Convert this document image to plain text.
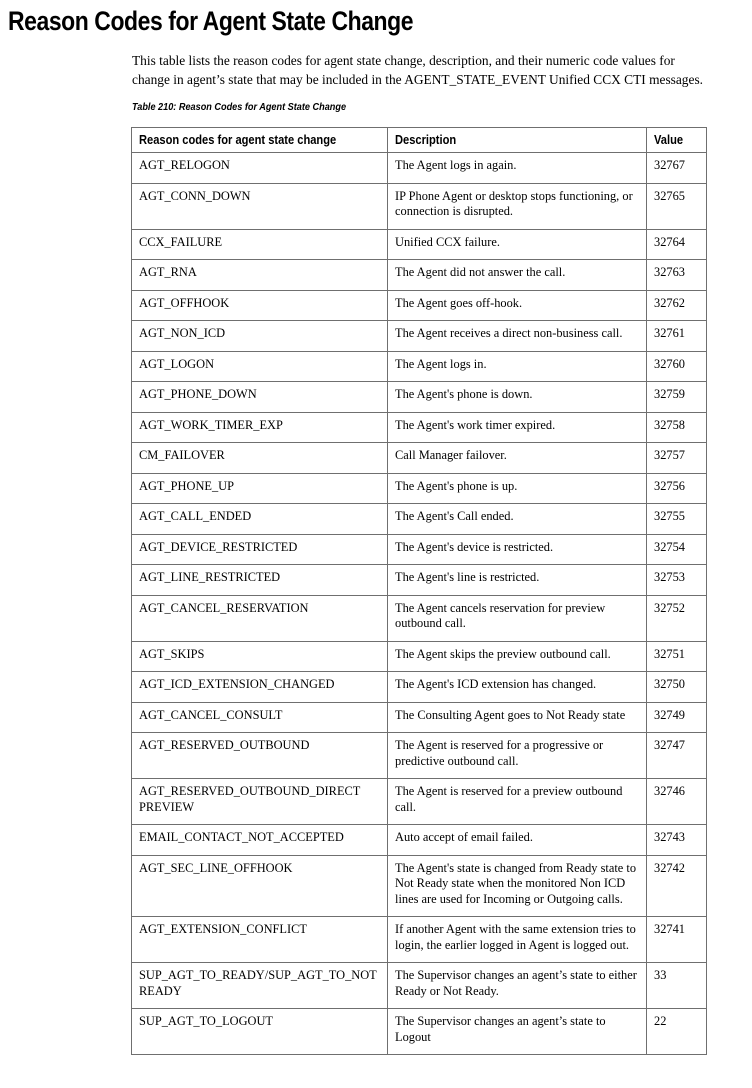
Reason Codes for Agent State Change

This table lists the reason codes for agent state change, description, and their numeric code values for change in agent’s state that may be included in the AGENT_STATE_EVENT Unified CCX CTI messages.

Table 210: Reason Codes for Agent State Change
Reason codes for agent state change	Description	Value
AGT_RELOGON	The Agent logs in again.	32767
AGT_CONN_DOWN	IP Phone Agent or desktop stops functioning, or connection is disrupted.	32765
CCX_FAILURE	Unified CCX failure.	32764
AGT_RNA	The Agent did not answer the call.	32763
AGT_OFFHOOK	The Agent goes off-hook.	32762
AGT_NON_ICD	The Agent receives a direct non-business call.	32761
AGT_LOGON	The Agent logs in.	32760
AGT_PHONE_DOWN	The Agent's phone is down.	32759
AGT_WORK_TIMER_EXP	The Agent's work timer expired.	32758
CM_FAILOVER	Call Manager failover.	32757
AGT_PHONE_UP	The Agent's phone is up.	32756
AGT_CALL_ENDED	The Agent's Call ended.	32755
AGT_DEVICE_RESTRICTED	The Agent's device is restricted.	32754
AGT_LINE_RESTRICTED	The Agent's line is restricted.	32753
AGT_CANCEL_RESERVATION	The Agent cancels reservation for preview outbound call.	32752
AGT_SKIPS	The Agent skips the preview outbound call.	32751
AGT_ICD_EXTENSION_CHANGED	The Agent's ICD extension has changed.	32750
AGT_CANCEL_CONSULT	The Consulting Agent goes to Not Ready state	32749
AGT_RESERVED_OUTBOUND	The Agent is reserved for a progressive or predictive outbound call.	32747
AGT_RESERVED_OUTBOUND_DIRECT PREVIEW	The Agent is reserved for a preview outbound call.	32746
EMAIL_CONTACT_NOT_ACCEPTED	Auto accept of email failed.	32743
AGT_SEC_LINE_OFFHOOK	The Agent's state is changed from Ready state to Not Ready state when the monitored Non ICD lines are used for Incoming or Outgoing calls.	32742
AGT_EXTENSION_CONFLICT	If another Agent with the same extension tries to login, the earlier logged in Agent is logged out.	32741
SUP_AGT_TO_READY/SUP_AGT_TO_NOT READY	The Supervisor changes an agent’s state to either Ready or Not Ready.	33
SUP_AGT_TO_LOGOUT	The Supervisor changes an agent’s state to Logout	22
